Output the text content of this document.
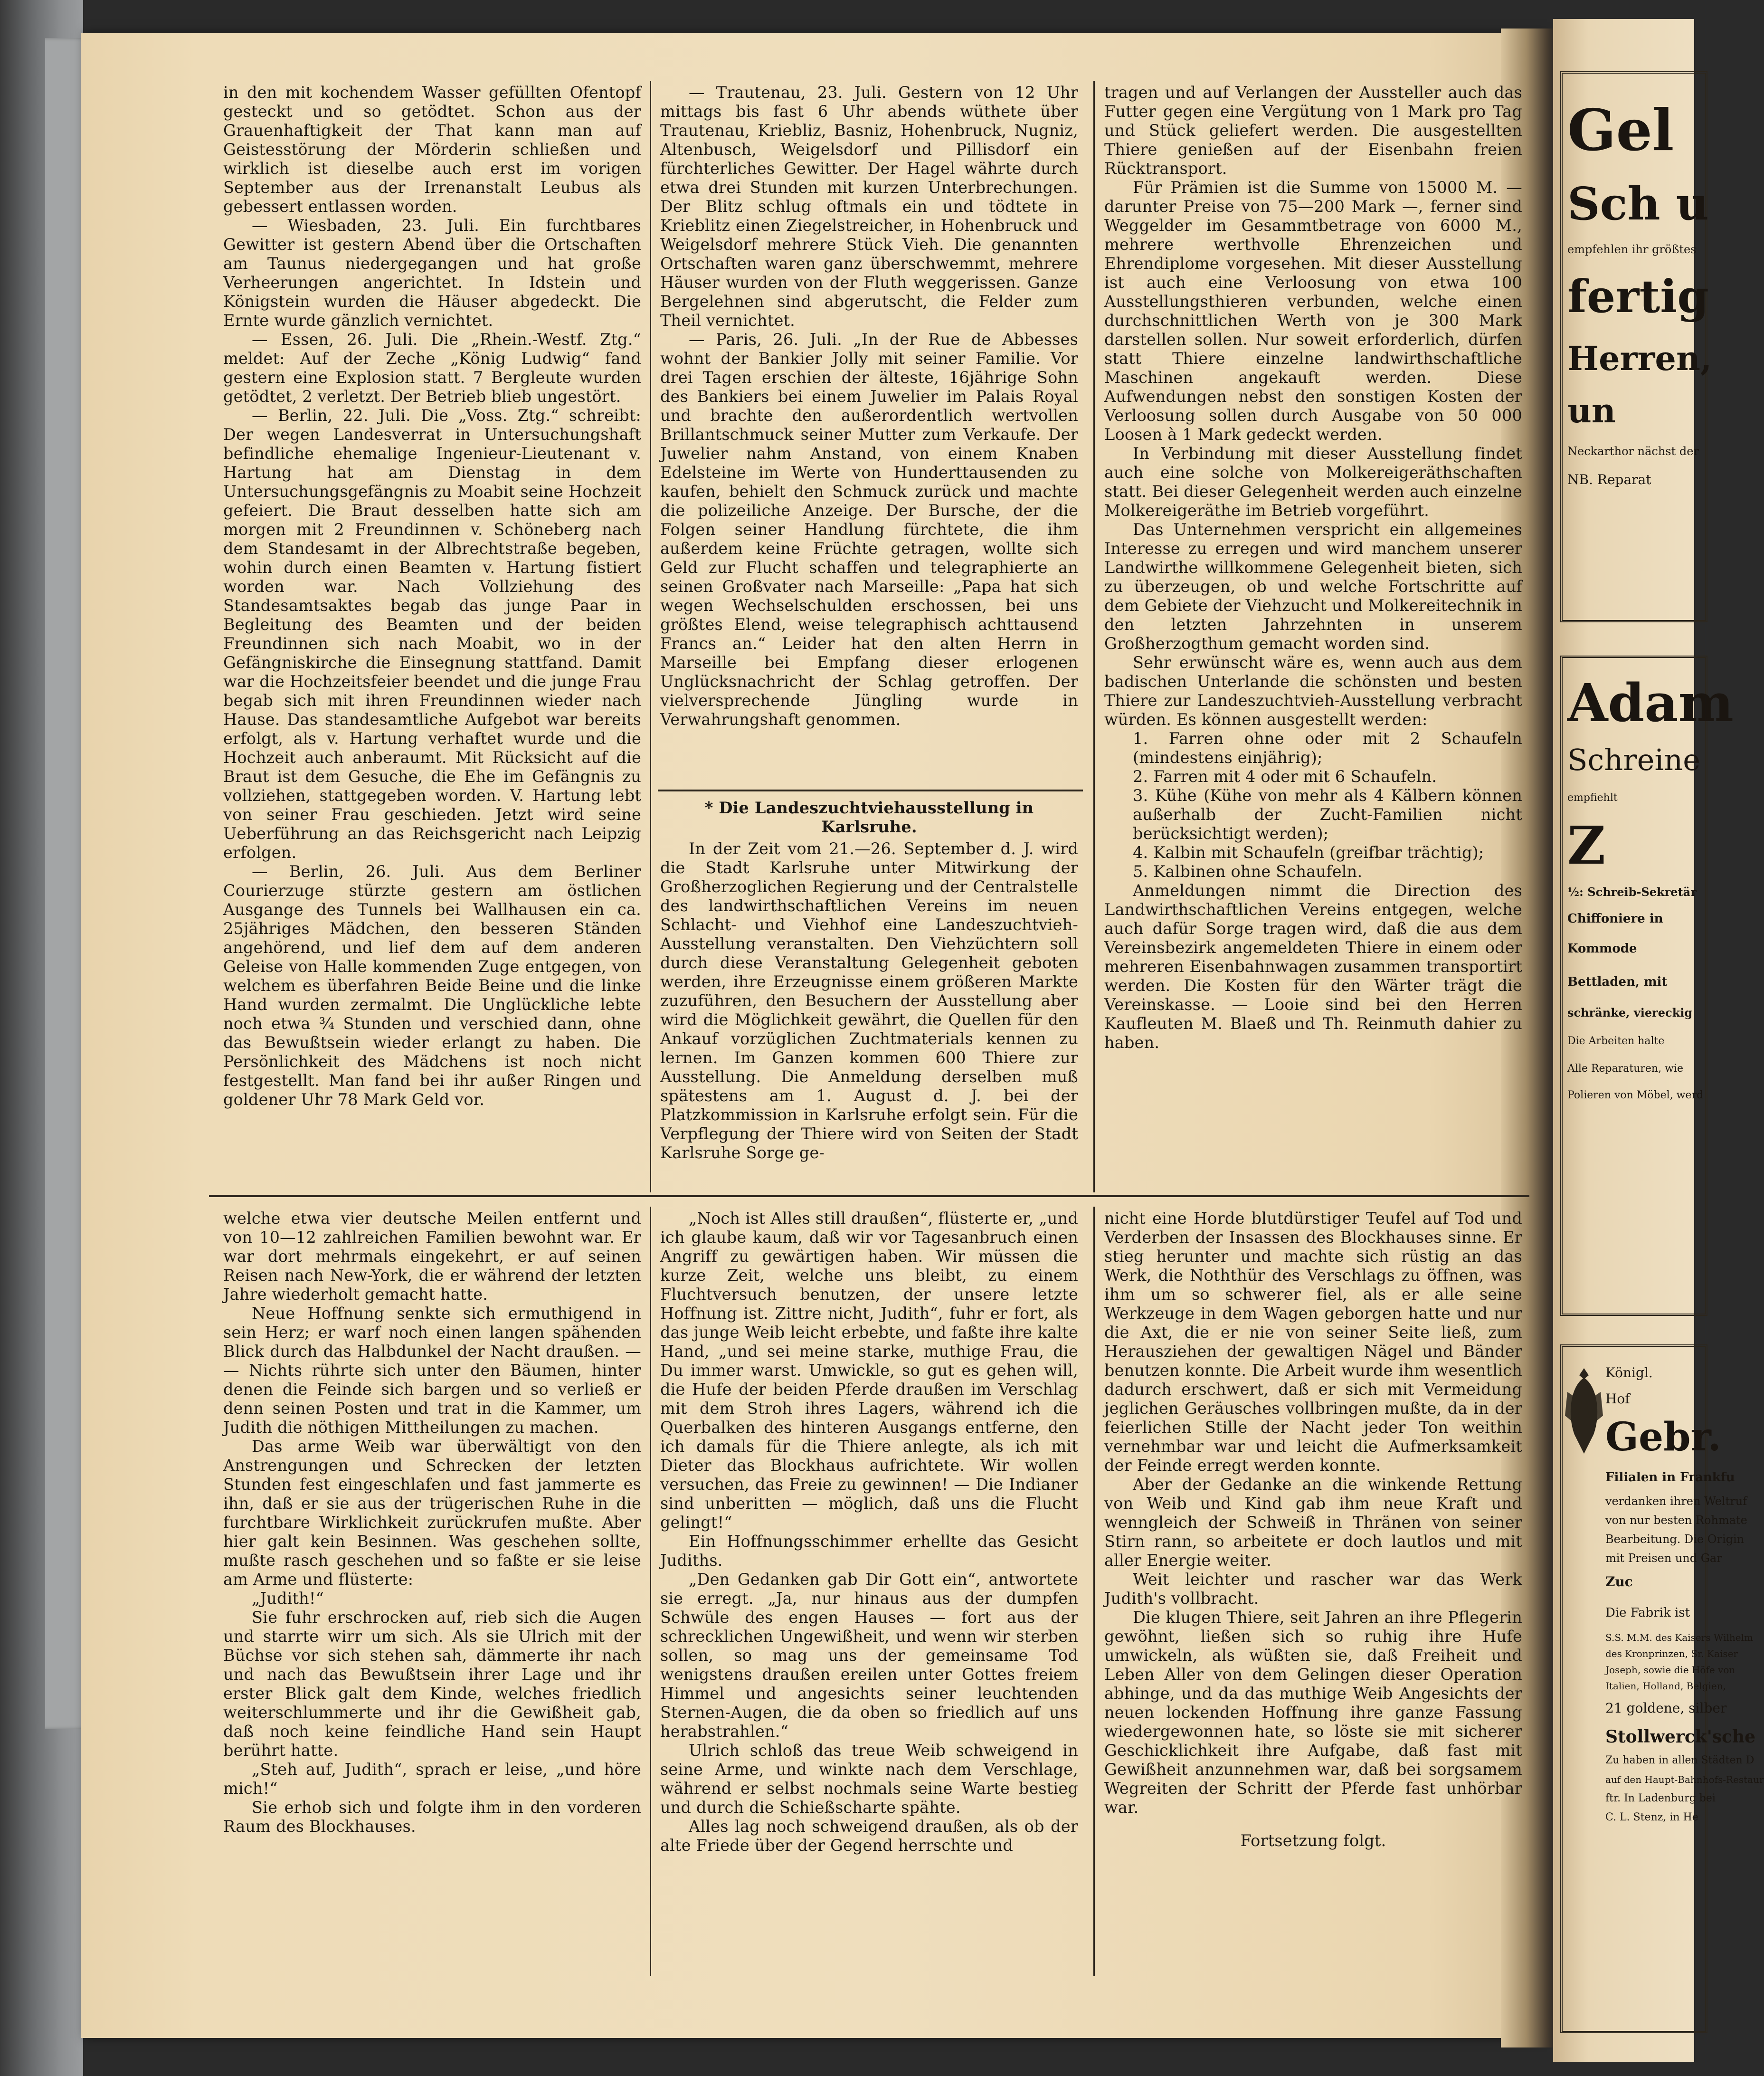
in den mit kochendem Wasser gefüllten Ofentopf gesteckt und so getödtet. Schon aus der Grauenhaftigkeit der That kann man auf Geistesstörung der Mörderin schließen und wirklich ist dieselbe auch erst im vorigen September aus der Irrenanstalt Leubus als gebessert entlassen worden.

— Wiesbaden, 23. Juli. Ein furchtbares Gewitter ist gestern Abend über die Ortschaften am Taunus niedergegangen und hat große Verheerungen angerichtet. In Idstein und Königstein wurden die Häuser abgedeckt. Die Ernte wurde gänzlich vernichtet.

— Essen, 26. Juli. Die „Rhein.-Westf. Ztg.“ meldet: Auf der Zeche „König Ludwig“ fand gestern eine Explosion statt. 7 Bergleute wurden getödtet, 2 verletzt. Der Betrieb blieb ungestört.

— Berlin, 22. Juli. Die „Voss. Ztg.“ schreibt: Der wegen Landesverrat in Untersuchungshaft befindliche ehemalige Ingenieur-Lieutenant v. Hartung hat am Dienstag in dem Untersuchungsgefängnis zu Moabit seine Hochzeit gefeiert. Die Braut desselben hatte sich am morgen mit 2 Freundinnen v. Schöneberg nach dem Standesamt in der Albrechtstraße begeben, wohin durch einen Beamten v. Hartung fistiert worden war. Nach Vollziehung des Standesamtsaktes begab das junge Paar in Begleitung des Beamten und der beiden Freundinnen sich nach Moabit, wo in der Gefängniskirche die Einsegnung stattfand. Damit war die Hochzeitsfeier beendet und die junge Frau begab sich mit ihren Freundinnen wieder nach Hause. Das standesamtliche Aufgebot war bereits erfolgt, als v. Hartung verhaftet wurde und die Hochzeit auch anberaumt. Mit Rücksicht auf die Braut ist dem Gesuche, die Ehe im Gefängnis zu vollziehen, stattgegeben worden. V. Hartung lebt von seiner Frau geschieden. Jetzt wird seine Ueberführung an das Reichsgericht nach Leipzig erfolgen.

— Berlin, 26. Juli. Aus dem Berliner Courierzuge stürzte gestern am östlichen Ausgange des Tunnels bei Wallhausen ein ca. 25jähriges Mädchen, den besseren Ständen angehörend, und lief dem auf dem anderen Geleise von Halle kommenden Zuge entgegen, von welchem es überfahren Beide Beine und die linke Hand wurden zermalmt. Die Unglückliche lebte noch etwa ¾ Stunden und verschied dann, ohne das Bewußtsein wieder erlangt zu haben. Die Persönlichkeit des Mädchens ist noch nicht festgestellt. Man fand bei ihr außer Ringen und goldener Uhr 78 Mark Geld vor.

— Trautenau, 23. Juli. Gestern von 12 Uhr mittags bis fast 6 Uhr abends wüthete über Trautenau, Kriebliz, Basniz, Hohenbruck, Nugniz, Altenbusch, Weigelsdorf und Pillisdorf ein fürchterliches Gewitter. Der Hagel währte durch etwa drei Stunden mit kurzen Unterbrechungen. Der Blitz schlug oftmals ein und tödtete in Krieblitz einen Ziegelstreicher, in Hohenbruck und Weigelsdorf mehrere Stück Vieh. Die genannten Ortschaften waren ganz überschwemmt, mehrere Häuser wurden von der Fluth weggerissen. Ganze Bergelehnen sind abgerutscht, die Felder zum Theil vernichtet.

— Paris, 26. Juli. „In der Rue de Abbesses wohnt der Bankier Jolly mit seiner Familie. Vor drei Tagen erschien der älteste, 16jährige Sohn des Bankiers bei einem Juwelier im Palais Royal und brachte den außerordentlich wertvollen Brillantschmuck seiner Mutter zum Verkaufe. Der Juwelier nahm Anstand, von einem Knaben Edelsteine im Werte von Hunderttausenden zu kaufen, behielt den Schmuck zurück und machte die polizeiliche Anzeige. Der Bursche, der die Folgen seiner Handlung fürchtete, die ihm außerdem keine Früchte getragen, wollte sich Geld zur Flucht schaffen und telegraphierte an seinen Großvater nach Marseille: „Papa hat sich wegen Wechselschulden erschossen, bei uns größtes Elend, weise telegraphisch achttausend Francs an.“ Leider hat den alten Herrn in Marseille bei Empfang dieser erlogenen Unglücksnachricht der Schlag getroffen. Der vielversprechende Jüngling wurde in Verwahrungshaft genommen.

* Die Landeszuchtviehausstellung in Karlsruhe.

In der Zeit vom 21.—26. September d. J. wird die Stadt Karlsruhe unter Mitwirkung der Großherzoglichen Regierung und der Centralstelle des landwirthschaftlichen Vereins im neuen Schlacht- und Viehhof eine Landeszuchtvieh-Ausstellung veranstalten. Den Viehzüchtern soll durch diese Veranstaltung Gelegenheit geboten werden, ihre Erzeugnisse einem größeren Markte zuzuführen, den Besuchern der Ausstellung aber wird die Möglichkeit gewährt, die Quellen für den Ankauf vorzüglichen Zuchtmaterials kennen zu lernen. Im Ganzen kommen 600 Thiere zur Ausstellung. Die Anmeldung derselben muß spätestens am 1. August d. J. bei der Platzkommission in Karlsruhe erfolgt sein. Für die Verpflegung der Thiere wird von Seiten der Stadt Karlsruhe Sorge ge-

tragen und auf Verlangen der Aussteller auch das Futter gegen eine Vergütung von 1 Mark pro Tag und Stück geliefert werden. Die ausgestellten Thiere genießen auf der Eisenbahn freien Rücktransport.

Für Prämien ist die Summe von 15000 M. — darunter Preise von 75—200 Mark —, ferner sind Weggelder im Gesammtbetrage von 6000 M., mehrere werthvolle Ehrenzeichen und Ehrendiplome vorgesehen. Mit dieser Ausstellung ist auch eine Verloosung von etwa 100 Ausstellungsthieren verbunden, welche einen durchschnittlichen Werth von je 300 Mark darstellen sollen. Nur soweit erforderlich, dürfen statt Thiere einzelne landwirthschaftliche Maschinen angekauft werden. Diese Aufwendungen nebst den sonstigen Kosten der Verloosung sollen durch Ausgabe von 50 000 Loosen à 1 Mark gedeckt werden.

In Verbindung mit dieser Ausstellung findet auch eine solche von Molkereigeräthschaften statt. Bei dieser Gelegenheit werden auch einzelne Molkereigeräthe im Betrieb vorgeführt.

Das Unternehmen verspricht ein allgemeines Interesse zu erregen und wird manchem unserer Landwirthe willkommene Gelegenheit bieten, sich zu überzeugen, ob und welche Fortschritte auf dem Gebiete der Viehzucht und Molkereitechnik in den letzten Jahrzehnten in unserem Großherzogthum gemacht worden sind.

Sehr erwünscht wäre es, wenn auch aus dem badischen Unterlande die schönsten und besten Thiere zur Landeszuchtvieh-Ausstellung verbracht würden. Es können ausgestellt werden:

1. Farren ohne oder mit 2 Schaufeln (mindestens einjährig);

2. Farren mit 4 oder mit 6 Schaufeln.

3. Kühe (Kühe von mehr als 4 Kälbern können außerhalb der Zucht-Familien nicht berücksichtigt werden);

4. Kalbin mit Schaufeln (greifbar trächtig);

5. Kalbinen ohne Schaufeln.

Anmeldungen nimmt die Direction des Landwirthschaftlichen Vereins entgegen, welche auch dafür Sorge tragen wird, daß die aus dem Vereinsbezirk angemeldeten Thiere in einem oder mehreren Eisenbahnwagen zusammen transportirt werden. Die Kosten für den Wärter trägt die Vereinskasse. — Looie sind bei den Herren Kaufleuten M. Blaeß und Th. Reinmuth dahier zu haben.

welche etwa vier deutsche Meilen entfernt und von 10—12 zahlreichen Familien bewohnt war. Er war dort mehrmals eingekehrt, er auf seinen Reisen nach New-York, die er während der letzten Jahre wiederholt gemacht hatte.

Neue Hoffnung senkte sich ermuthigend in sein Herz; er warf noch einen langen spähenden Blick durch das Halbdunkel der Nacht draußen. — — Nichts rührte sich unter den Bäumen, hinter denen die Feinde sich bargen und so verließ er denn seinen Posten und trat in die Kammer, um Judith die nöthigen Mittheilungen zu machen.

Das arme Weib war überwältigt von den Anstrengungen und Schrecken der letzten Stunden fest eingeschlafen und fast jammerte es ihn, daß er sie aus der trügerischen Ruhe in die furchtbare Wirklichkeit zurückrufen mußte. Aber hier galt kein Besinnen. Was geschehen sollte, mußte rasch geschehen und so faßte er sie leise am Arme und flüsterte:

„Judith!“

Sie fuhr erschrocken auf, rieb sich die Augen und starrte wirr um sich. Als sie Ulrich mit der Büchse vor sich stehen sah, dämmerte ihr nach und nach das Bewußtsein ihrer Lage und ihr erster Blick galt dem Kinde, welches friedlich weiterschlummerte und ihr die Gewißheit gab, daß noch keine feindliche Hand sein Haupt berührt hatte.

„Steh auf, Judith“, sprach er leise, „und höre mich!“

Sie erhob sich und folgte ihm in den vorderen Raum des Blockhauses.

„Noch ist Alles still draußen“, flüsterte er, „und ich glaube kaum, daß wir vor Tagesanbruch einen Angriff zu gewärtigen haben. Wir müssen die kurze Zeit, welche uns bleibt, zu einem Fluchtversuch benutzen, der unsere letzte Hoffnung ist. Zittre nicht, Judith“, fuhr er fort, als das junge Weib leicht erbebte, und faßte ihre kalte Hand, „und sei meine starke, muthige Frau, die Du immer warst. Umwickle, so gut es gehen will, die Hufe der beiden Pferde draußen im Verschlag mit dem Stroh ihres Lagers, während ich die Querbalken des hinteren Ausgangs entferne, den ich damals für die Thiere anlegte, als ich mit Dieter das Blockhaus aufrichtete. Wir wollen versuchen, das Freie zu gewinnen! — Die Indianer sind unberitten — möglich, daß uns die Flucht gelingt!“

Ein Hoffnungsschimmer erhellte das Gesicht Judiths.

„Den Gedanken gab Dir Gott ein“, antwortete sie erregt. „Ja, nur hinaus aus der dumpfen Schwüle des engen Hauses — fort aus der schrecklichen Ungewißheit, und wenn wir sterben sollen, so mag uns der gemeinsame Tod wenigstens draußen ereilen unter Gottes freiem Himmel und angesichts seiner leuchtenden Sternen-Augen, die da oben so friedlich auf uns herabstrahlen.“

Ulrich schloß das treue Weib schweigend in seine Arme, und winkte nach dem Verschlage, während er selbst nochmals seine Warte bestieg und durch die Schießscharte spähte.

Alles lag noch schweigend draußen, als ob der alte Friede über der Gegend herrschte und

nicht eine Horde blutdürstiger Teufel auf Tod und Verderben der Insassen des Blockhauses sinne. Er stieg herunter und machte sich rüstig an das Werk, die Noththür des Verschlags zu öffnen, was ihm um so schwerer fiel, als er alle seine Werkzeuge in dem Wagen geborgen hatte und nur die Axt, die er nie von seiner Seite ließ, zum Herausziehen der gewaltigen Nägel und Bänder benutzen konnte. Die Arbeit wurde ihm wesentlich dadurch erschwert, daß er sich mit Vermeidung jeglichen Geräusches vollbringen mußte, da in der feierlichen Stille der Nacht jeder Ton weithin vernehmbar war und leicht die Aufmerksamkeit der Feinde erregt werden konnte.

Aber der Gedanke an die winkende Rettung von Weib und Kind gab ihm neue Kraft und wenngleich der Schweiß in Thränen von seiner Stirn rann, so arbeitete er doch lautlos und mit aller Energie weiter.

Weit leichter und rascher war das Werk Judith's vollbracht.

Die klugen Thiere, seit Jahren an ihre Pflegerin gewöhnt, ließen sich so ruhig ihre Hufe umwickeln, als wüßten sie, daß Freiheit und Leben Aller von dem Gelingen dieser Operation abhinge, und da das muthige Weib Angesichts der neuen lockenden Hoffnung ihre ganze Fassung wiedergewonnen hate, so löste sie mit sicherer Geschicklichkeit ihre Aufgabe, daß fast mit Gewißheit anzunnehmen war, daß bei sorgsamem Wegreiten der Schritt der Pferde fast unhörbar war.

Fortsetzung folgt.

Gel
Sch u
empfehlen ihr größtes
fertig
Herren,
un
Neckarthor nächst der
NB. Reparat
Adam
Schreine
empfiehlt
Z
½: Schreib-Sekretär
Chiffoniere in
Kommode
Bettladen, mit
schränke, viereckig
Die Arbeiten halte
Alle Reparaturen, wie
Polieren von Möbel, werd
Königl.
Hof
Gebr.
Filialen in Frankfu
verdanken ihren Weltruf
von nur besten Rohmate
Bearbeitung. Die Origin
mit Preisen und Gar
Zuc
Die Fabrik ist
S.S. M.M. des Kaisers Wilhelm
des Kronprinzen, Sr. Kaiser
Joseph, sowie die Höfe von
Italien, Holland, Belgien,
21 goldene, silber
Stollwerck'sche
Zu haben in allen Städten D
auf den Haupt-Bahnhofs-Restaur
ftr. In Ladenburg bei
C. L. Stenz, in He
